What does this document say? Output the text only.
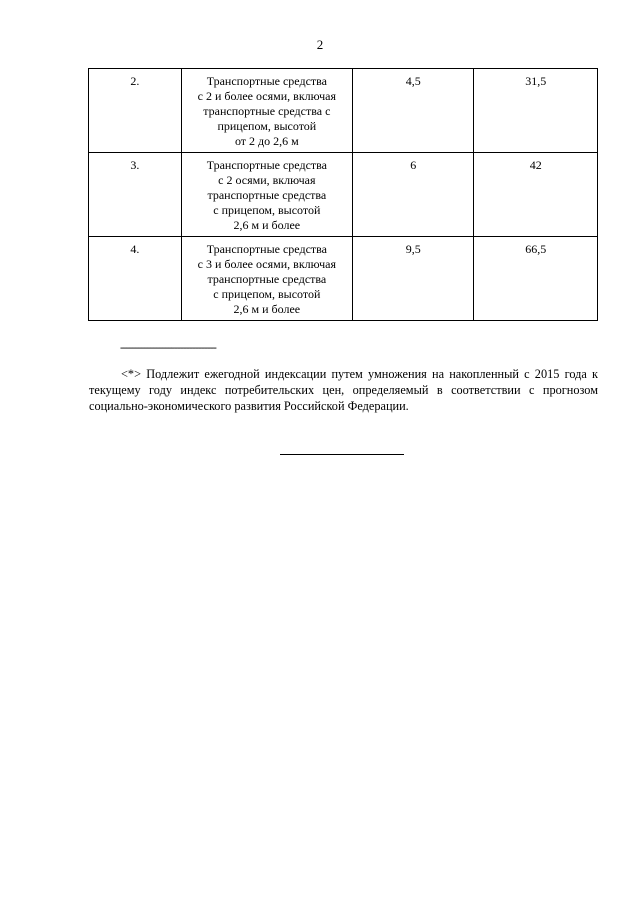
2
2.	Транспортные средства
с 2 и более осями, включая
транспортные средства с
прицепом, высотой
от 2 до 2,6 м	4,5	31,5
3.	Транспортные средства
с 2 осями, включая
транспортные средства
с прицепом, высотой
2,6 м и более	6	42
4.	Транспортные средства
с 3 и более осями, включая
транспортные средства
с прицепом, высотой
2,6 м и более	9,5	66,5
--------------------------------
<*> Подлежит ежегодной индексации путем умножения на накопленный с 2015 года к текущему году индекс потребительских цен, определяемый в соответствии с прогнозом социально-экономического развития Российской Федерации.
